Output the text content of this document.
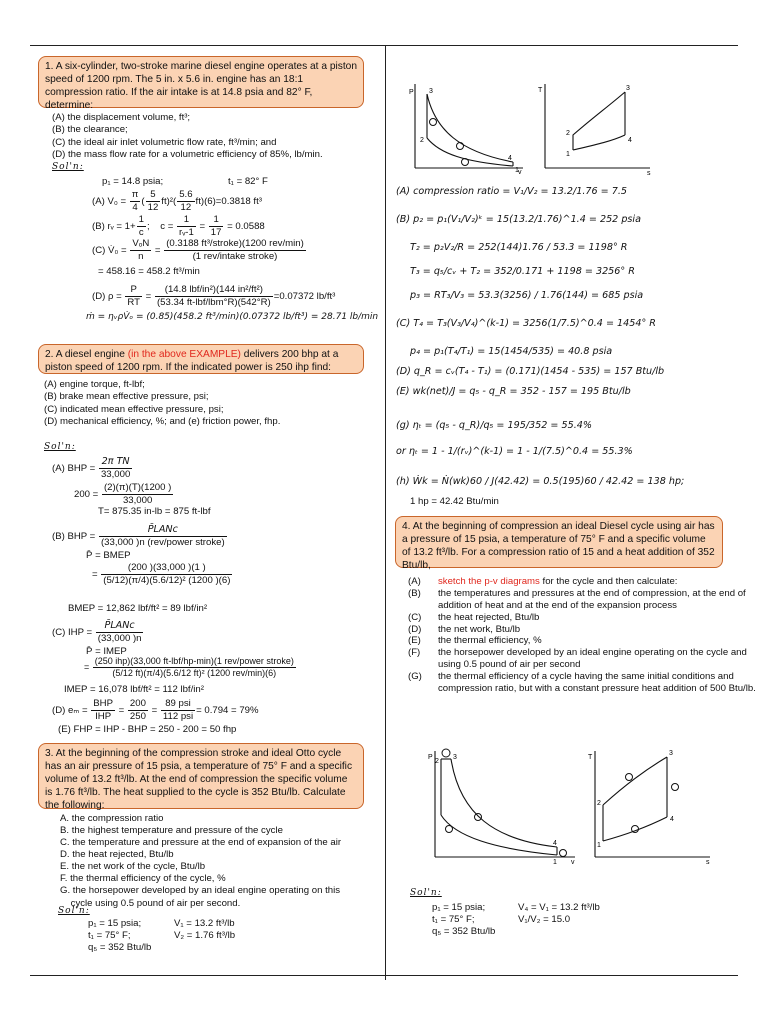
1. A six-cylinder, two-stroke marine diesel engine operates at a piston speed of 1200 rpm. The 5 in. x 5.6 in. engine has an 18:1 compression ratio. If the air intake is at 14.8 psia and 82° F, determine:
(A) the displacement volume, ft³;
(B) the clearance;
(C) the ideal air inlet volumetric flow rate, ft³/min; and
(D) the mass flow rate for a volumetric efficiency of 85%, lb/min.
Sol'n:
p₁ = 14.8 psia;	t₁ = 82° F
(A) $V_0 = \frac{\pi}{4}$ ( $\frac{5}{12} ft)^2( \frac{5.6}{12} ft)(6)=0.3818$ ft³
(B) rᵥ = $1+ \frac{1}{c}$ ;    $c = \frac{1}{\text{rᵥ-1}} = \frac{1}{17} = 0.0588$
(C) V̇₀ = $\frac{\text{VₒN}}{n} = \frac{\text{(0.3188 ft³/stroke)(1200 rev/min)}}{\text{(1 rev/intake stroke)}}$
= 458.16 = 458.2 ft³/min
(D) $\rho = \frac{P}{RT} = \frac{\text{(14.8 lbf/in²)(144 in²/ft²)}}{\text{(53.34 ft-lbf/lbm°R)(542°R)}} =0.07372$ lb/ft³
ṁ = ηᵥρV̇ₒ = (0.85)(458.2 ft³/min)(0.07372 lb/ft³) = 28.71 lb/min
2. A diesel engine (in the above EXAMPLE) delivers 200 bhp at a piston speed of 1200 rpm. If the indicated power is 250 ihp find:
(A) engine torque, ft-lbf;
(B) brake mean effective pressure, psi;
(C) indicated mean effective pressure, psi;
(D) mechanical efficiency, %; and (e) friction power, fhp.
Sol'n:
(A) BHP = $\frac{\text{2π TN}}{33,000}$
$200 = \frac{(2)(\pi)(T)(1200 )}{33,000}$
T= 875.35 in-lb = 875 ft-lbf
(B) BHP = $\frac{\text{P̄LANc}}{\text{(33,000 )n (rev/power stroke)}}$
P̄ = BMEP
= $\frac{(200 )(33,000 )(1 )}{\text{(5/12)(π/4)(5.6/12)² (1200 )(6)}}$
BMEP = 12,862 lbf/ft² = 89 lbf/in²
(C) IHP = $\frac{\text{P̄LANc}}{(33,000 )n}$
P̄ = IMEP
= $\frac{\text{(250 ihp)(33,000 ft-lbf/hp-min)(1 rev/power stroke)}}{\text{(5/12 ft)(π/4)(5.6/12 ft)² (1200 rev/min)(6)}}$
IMEP = 16,078 lbf/ft² = 112 lbf/in²
(D) $e_m = \frac{\text{BHP}}{\text{IHP}} = \frac{200}{250} = \frac{\text{89 psi}}{\text{112 psi}} = 0.794 = 79\%$
(E) FHP = IHP - BHP = 250 - 200 = 50 fhp
3. At the beginning of the compression stroke and ideal Otto cycle has an air pressure of 15 psia, a temperature of 75° F and a specific volume of 13.2 ft³/lb. At the end of compression the specific volume is 1.76 ft³/lb. The heat supplied to the cycle is 352 Btu/lb. Calculate the following:
A. the compression ratio
B. the highest temperature and pressure of the cycle
C. the temperature and pressure at the end of expansion of the air
D. the heat rejected, Btu/lb
E. the net work of the cycle, Btu/lb
F. the thermal efficiency of the cycle, %
G. the horsepower developed by an ideal engine operating on this
cycle using 0.5 pound of air per second.
Sol'n:
p₁ = 15 psia;
t₁ = 75° F;
q₅ = 352 Btu/lb
V₁ = 13.2 ft³/lb
V₂ = 1.76 ft³/lb
P
v
3
2
4
1
T
s
3
2
4
1
(A) compression ratio = V₁/V₂ = 13.2/1.76 = 7.5
(B) p₂ = p₁(V₁/V₂)ᵏ = 15(13.2/1.76)^1.4 = 252 psia
T₂ = p₂V₂/R = 252(144)1.76 / 53.3 = 1198° R
T₃ = q₅/cᵥ + T₂ = 352/0.171 + 1198 = 3256° R
p₃ = RT₃/V₃ = 53.3(3256) / 1.76(144) = 685 psia
(C) T₄ = T₃(V₃/V₄)^(k-1) = 3256(1/7.5)^0.4 = 1454° R
p₄ = p₁(T₄/T₁) = 15(1454/535) = 40.8 psia
(D) q_R = cᵥ(T₄ - T₁) = (0.171)(1454 - 535) = 157 Btu/lb
(E) wk(net)/J = q₅ - q_R = 352 - 157 = 195 Btu/lb
(g) ηₜ = (q₅ - q_R)/q₅ = 195/352 = 55.4%
or ηₜ = 1 - 1/(rᵥ)^(k-1) = 1 - 1/(7.5)^0.4 = 55.3%
(h) Ẇk = Ṅ(wk)60 / J(42.42) = 0.5(195)60 / 42.42 = 138 hp;
1 hp = 42.42 Btu/min
4. At the beginning of compression an ideal Diesel cycle using air has a pressure of 15 psia, a temperature of 75° F and a specific volume of 13.2 ft³/lb. For a compression ratio of 15 and a heat addition of 352 Btu/lb,
(A)	sketch the p-v diagrams for the cycle and then calculate:
(B)	the temperatures and pressures at the end of compression, at the end of addition of heat and at the end of the expansion process
(C)	the heat rejected, Btu/lb
(D)	the net work, Btu/lb
(E)	the thermal efficiency, %
(F)	the horsepower developed by an ideal engine operating on the cycle and using 0.5 pound of air per second
(G)	the thermal efficiency of a cycle having the same initial conditions and compression ratio, but with a constant pressure heat addition of 500 Btu/lb.
P
v
2
3
4
1
T
s
3
2
4
1
Sol'n:
p₁ = 15 psia;
t₁ = 75° F;
q₅ = 352 Btu/lb
V₄ = V₁ = 13.2 ft³/lb
V₁/V₂ = 15.0
